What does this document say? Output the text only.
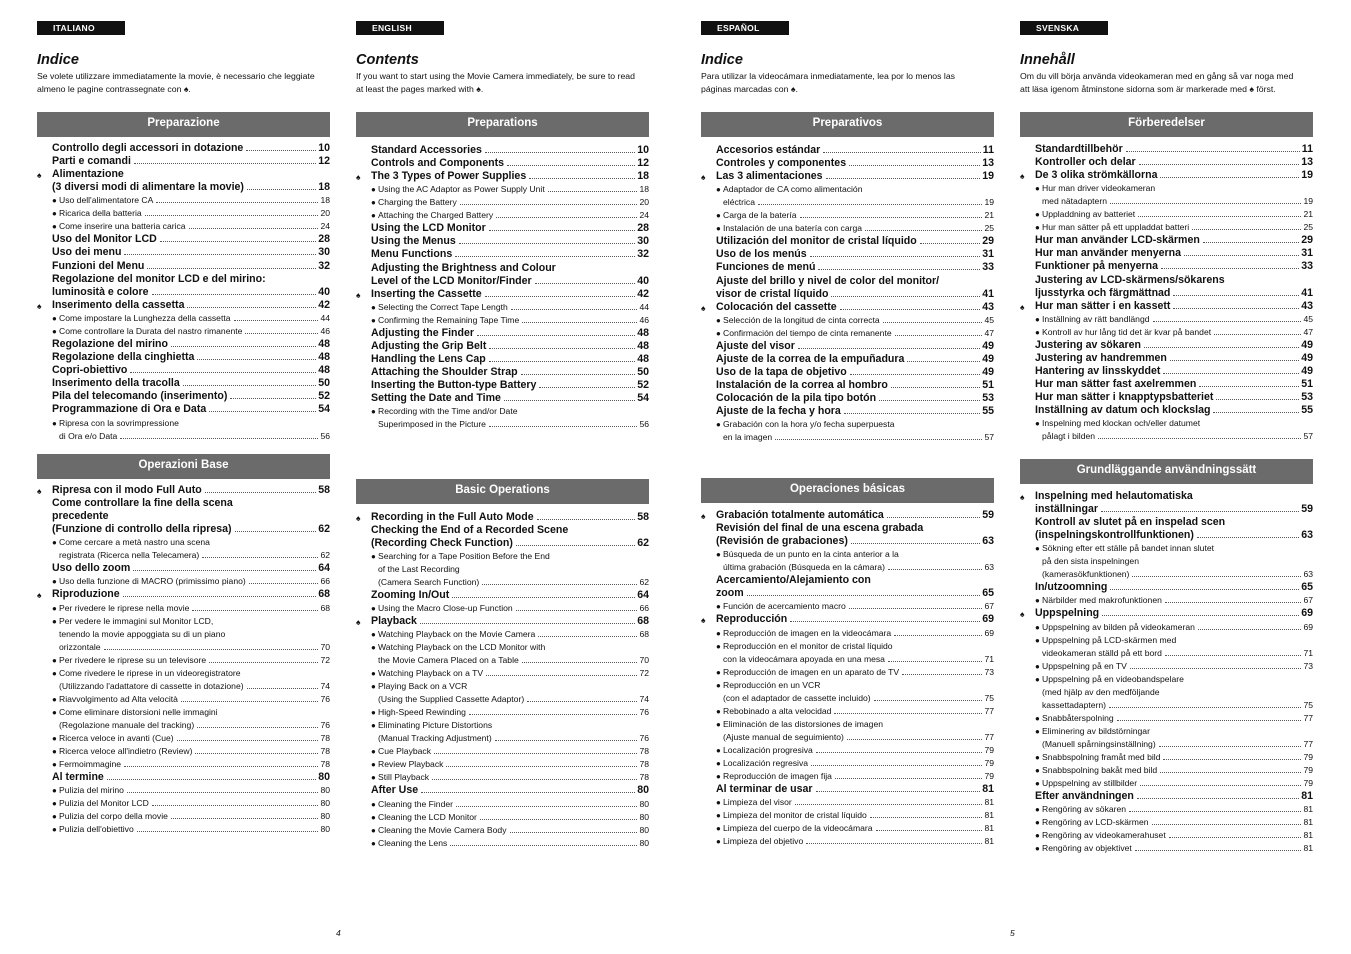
ITALIANO
Indice

Se volete utilizzare immediatamente la movie, è necessario che leggiate almeno le pagine contrassegnate con ♠.

Preparazione
Controllo degli accessori in dotazione	10
Parti e comandi	12
♠ Alimentazione
(3 diversi modi di alimentare la movie)	18
● Uso dell'alimentatore CA	18
● Ricarica della batteria	20
● Come inserire una batteria carica	24
Uso del Monitor LCD	28
Uso dei menu	30
Funzioni del Menu	32
Regolazione del monitor LCD e del mirino:
luminosità e colore	40
♠ Inserimento della cassetta	42
● Come impostare la Lunghezza della cassetta	44
● Come controllare la Durata del nastro rimanente	46
Regolazione del mirino	48
Regolazione della cinghietta	48
Copri-obiettivo	48
Inserimento della tracolla	50
Pila del telecomando (inserimento)	52
Programmazione di Ora e Data	54
● Ripresa con la sovrimpressione
di Ora e/o Data	56
Operazioni Base
♠ Ripresa con il modo Full Auto	58
Come controllare la fine della scena
precedente
(Funzione di controllo della ripresa)	62
● Come cercare a metà nastro una scena
registrata (Ricerca nella Telecamera)	62
Uso dello zoom	64
● Uso della funzione di MACRO (primissimo piano)	66
♠ Riproduzione	68
● Per rivedere le riprese nella movie	68
● Per vedere le immagini sul Monitor LCD,
tenendo la movie appoggiata su di un piano
orizzontale	70
● Per rivedere le riprese su un televisore	72
● Come rivedere le riprese in un videoregistratore
(Utilizzando l'adattatore di cassette in dotazione)	74
● Riavvolgimento ad Alta velocità	76
● Come eliminare distorsioni nelle immagini
(Regolazione manuale del tracking)	76
● Ricerca veloce in avanti (Cue)	78
● Ricerca veloce all'indietro (Review)	78
● Fermoimmagine	78
Al termine	80
● Pulizia del mirino	80
● Pulizia del Monitor LCD	80
● Pulizia del corpo della movie	80
● Pulizia dell'obiettivo	80
ENGLISH
Contents

If you want to start using the Movie Camera immediately, be sure to read at least the pages marked with ♠.

Preparations
Standard Accessories	10
Controls and Components	12
♠ The 3 Types of Power Supplies	18
● Using the AC Adaptor as Power Supply Unit	18
● Charging the Battery	20
● Attaching the Charged Battery	24
Using the LCD Monitor	28
Using the Menus	30
Menu Functions	32
Adjusting the Brightness and Colour
Level of the LCD Monitor/Finder	40
♠ Inserting the Cassette	42
● Selecting the Correct Tape Length	44
● Confirming the Remaining Tape Time	46
Adjusting the Finder	48
Adjusting the Grip Belt	48
Handling the Lens Cap	48
Attaching the Shoulder Strap	50
Inserting the Button-type Battery	52
Setting the Date and Time	54
● Recording with the Time and/or Date
Superimposed in the Picture	56
Basic Operations
♠ Recording in the Full Auto Mode	58
Checking the End of a Recorded Scene
(Recording Check Function)	62
● Searching for a Tape Position Before the End
of the Last Recording
(Camera Search Function)	62
Zooming In/Out	64
● Using the Macro Close-up Function	66
♠ Playback	68
● Watching Playback on the Movie Camera	68
● Watching Playback on the LCD Monitor with
the Movie Camera Placed on a Table	70
● Watching Playback on a TV	72
● Playing Back on a VCR
(Using the Supplied Cassette Adaptor)	74
● High-Speed Rewinding	76
● Eliminating Picture Distortions
(Manual Tracking Adjustment)	76
● Cue Playback	78
● Review Playback	78
● Still Playback	78
After Use	80
● Cleaning the Finder	80
● Cleaning the LCD Monitor	80
● Cleaning the Movie Camera Body	80
● Cleaning the Lens	80
ESPAÑOL
Indice

Para utilizar la videocámara inmediatamente, lea por lo menos las páginas marcadas con ♠.

Preparativos
Accesorios estándar	11
Controles y componentes	13
♠ Las 3 alimentaciones	19
● Adaptador de CA como alimentación
eléctrica	19
● Carga de la batería	21
● Instalación de una batería con carga	25
Utilización del monitor de cristal líquido	29
Uso de los menús	31
Funciones de menú	33
Ajuste del brillo y nivel de color del monitor/
visor de cristal líquido	41
♠ Colocación del cassette	43
● Selección de la longitud de cinta correcta	45
● Confirmación del tiempo de cinta remanente	47
Ajuste del visor	49
Ajuste de la correa de la empuñadura	49
Uso de la tapa de objetivo	49
Instalación de la correa al hombro	51
Colocación de la pila tipo botón	53
Ajuste de la fecha y hora	55
● Grabación con la hora y/o fecha superpuesta
en la imagen	57
Operaciones básicas
♠ Grabación totalmente automática	59
Revisión del final de una escena grabada
(Revisión de grabaciones)	63
● Búsqueda de un punto en la cinta anterior a la
última grabación (Búsqueda en la cámara)	63
Acercamiento/Alejamiento con
zoom	65
● Función de acercamiento macro	67
♠ Reproducción	69
● Reproducción de imagen en la videocámara	69
● Reproducción en el monitor de cristal líquido
con la videocámara apoyada en una mesa	71
● Reproducción de imagen en un aparato de TV	73
● Reproducción en un VCR
(con el adaptador de cassette incluido)	75
● Rebobinado a alta velocidad	77
● Eliminación de las distorsiones de imagen
(Ajuste manual de seguimiento)	77
● Localización progresiva	79
● Localización regresiva	79
● Reproducción de imagen fija	79
Al terminar de usar	81
● Limpieza del visor	81
● Limpieza del monitor de cristal líquido	81
● Limpieza del cuerpo de la videocámara	81
● Limpieza del objetivo	81
SVENSKA
Innehåll

Om du vill börja använda videokameran med en gång så var noga med att läsa igenom åtminstone sidorna som är markerade med ♠ först.

Förberedelser
Standardtillbehör	11
Kontroller och delar	13
♠ De 3 olika strömkällorna	19
● Hur man driver videokameran
med nätadaptern	19
● Uppladdning av batteriet	21
● Hur man sätter på ett uppladdat batteri	25
Hur man använder LCD-skärmen	29
Hur man använder menyerna	31
Funktioner på menyerna	33
Justering av LCD-skärmens/sökarens
ljusstyrka och färgmättnad	41
♠ Hur man sätter i en kassett	43
● Inställning av rätt bandlängd	45
● Kontroll av hur lång tid det är kvar på bandet	47
Justering av sökaren	49
Justering av handremmen	49
Hantering av linsskyddet	49
Hur man sätter fast axelremmen	51
Hur man sätter i knapptypsbatteriet	53
Inställning av datum och klockslag	55
● Inspelning med klockan och/eller datumet
pålagt i bilden	57
Grundläggande användningssätt
♠ Inspelning med helautomatiska
inställningar	59
Kontroll av slutet på en inspelad scen
(inspelningskontrollfunktionen)	63
● Sökning efter ett ställe på bandet innan slutet
på den sista inspelningen
(kamerasökfunktionen)	63
In/utzoomning	65
● Närbilder med makrofunktionen	67
♠ Uppspelning	69
● Uppspelning av bilden på videokameran	69
● Uppspelning på LCD-skärmen med
videokameran ställd på ett bord	71
● Uppspelning på en TV	73
● Uppspelning på en videobandspelare
(med hjälp av den medföljande
kassettadaptern)	75
● Snabbåterspolning	77
● Eliminering av bildstörningar
(Manuell spårningsinställning)	77
● Snabbspolning framåt med bild	79
● Snabbspolning bakåt med bild	79
● Uppspelning av stillbilder	79
Efter användningen	81
● Rengöring av sökaren	81
● Rengöring av LCD-skärmen	81
● Rengöring av videokamerahuset	81
● Rengöring av objektivet	81
4	5
